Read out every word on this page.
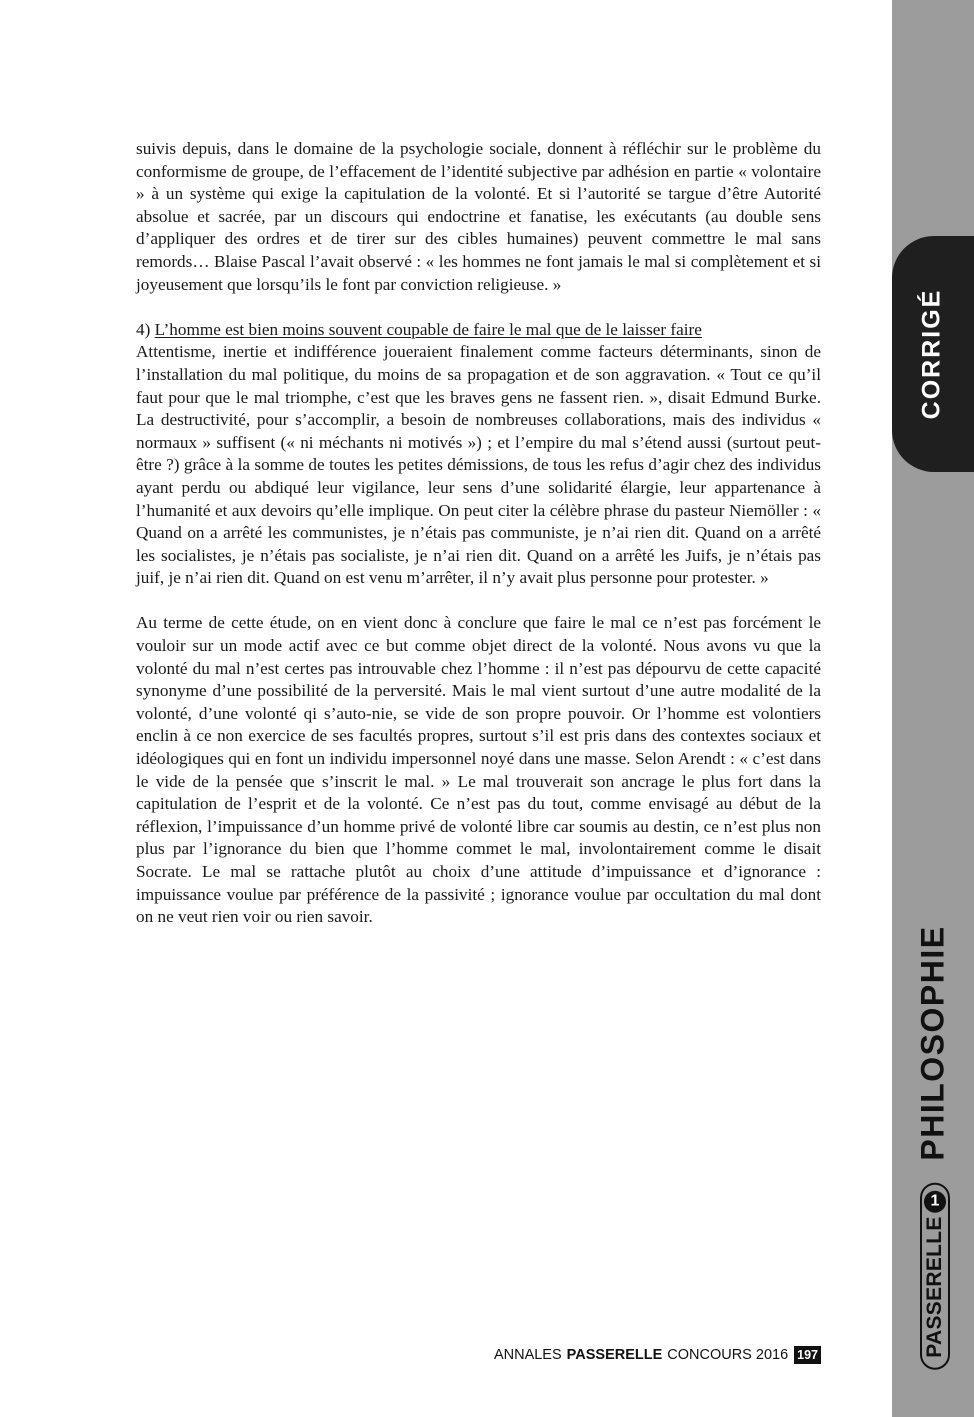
CORRIGÉ
PHILOSOPHIE
PASSERELLE
1

suivis depuis, dans le domaine de la psychologie sociale, donnent à réfléchir sur le problème du conformisme de groupe, de l’effacement de l’identité subjective par adhésion en partie « volontaire » à un système qui exige la capitulation de la volonté. Et si l’autorité se targue d’être Autorité absolue et sacrée, par un discours qui endoctrine et fanatise, les exécutants (au double sens d’appliquer des ordres et de tirer sur des cibles humaines) peuvent commettre le mal sans remords… Blaise Pascal l’avait observé : « les hommes ne font jamais le mal si complètement et si joyeusement que lorsqu’ils le font par conviction religieuse. »

4) L’homme est bien moins souvent coupable de faire le mal que de le laisser faire

Attentisme, inertie et indifférence joueraient finalement comme facteurs déterminants, sinon de l’installation du mal politique, du moins de sa propagation et de son aggravation. « Tout ce qu’il faut pour que le mal triomphe, c’est que les braves gens ne fassent rien. », disait Edmund Burke. La destructivité, pour s’accomplir, a besoin de nombreuses collaborations, mais des individus « normaux » suffisent (« ni méchants ni motivés ») ; et l’empire du mal s’étend aussi (surtout peut-être ?) grâce à la somme de toutes les petites démissions, de tous les refus d’agir chez des individus ayant perdu ou abdiqué leur vigilance, leur sens d’une solidarité élargie, leur appartenance à l’humanité et aux devoirs qu’elle implique. On peut citer la célèbre phrase du pasteur Niemöller : « Quand on a arrêté les communistes, je n’étais pas communiste, je n’ai rien dit. Quand on a arrêté les socialistes, je n’étais pas socialiste, je n’ai rien dit. Quand on a arrêté les Juifs, je n’étais pas juif, je n’ai rien dit. Quand on est venu m’arrêter, il n’y avait plus personne pour protester. »

Au terme de cette étude, on en vient donc à conclure que faire le mal ce n’est pas forcément le vouloir sur un mode actif avec ce but comme objet direct de la volonté. Nous avons vu que la volonté du mal n’est certes pas introuvable chez l’homme : il n’est pas dépourvu de cette capacité synonyme d’une possibilité de la perversité. Mais le mal vient surtout d’une autre modalité de la volonté, d’une volonté qi s’auto-nie, se vide de son propre pouvoir. Or l’homme est volontiers enclin à ce non exercice de ses facultés propres, surtout s’il est pris dans des contextes sociaux et idéologiques qui en font un individu impersonnel noyé dans une masse. Selon Arendt : « c’est dans le vide de la pensée que s’inscrit le mal. » Le mal trouverait son ancrage le plus fort dans la capitulation de l’esprit et de la volonté. Ce n’est pas du tout, comme envisagé au début de la réflexion, l’impuissance d’un homme privé de volonté libre car soumis au destin, ce n’est plus non plus par l’ignorance du bien que l’homme commet le mal, involontairement comme le disait Socrate. Le mal se rattache plutôt au choix d’une attitude d’impuissance et d’ignorance : impuissance voulue par préférence de la passivité ; ignorance voulue par occultation du mal dont on ne veut rien voir ou rien savoir.

ANNALES PASSERELLE CONCOURS 2016 197
